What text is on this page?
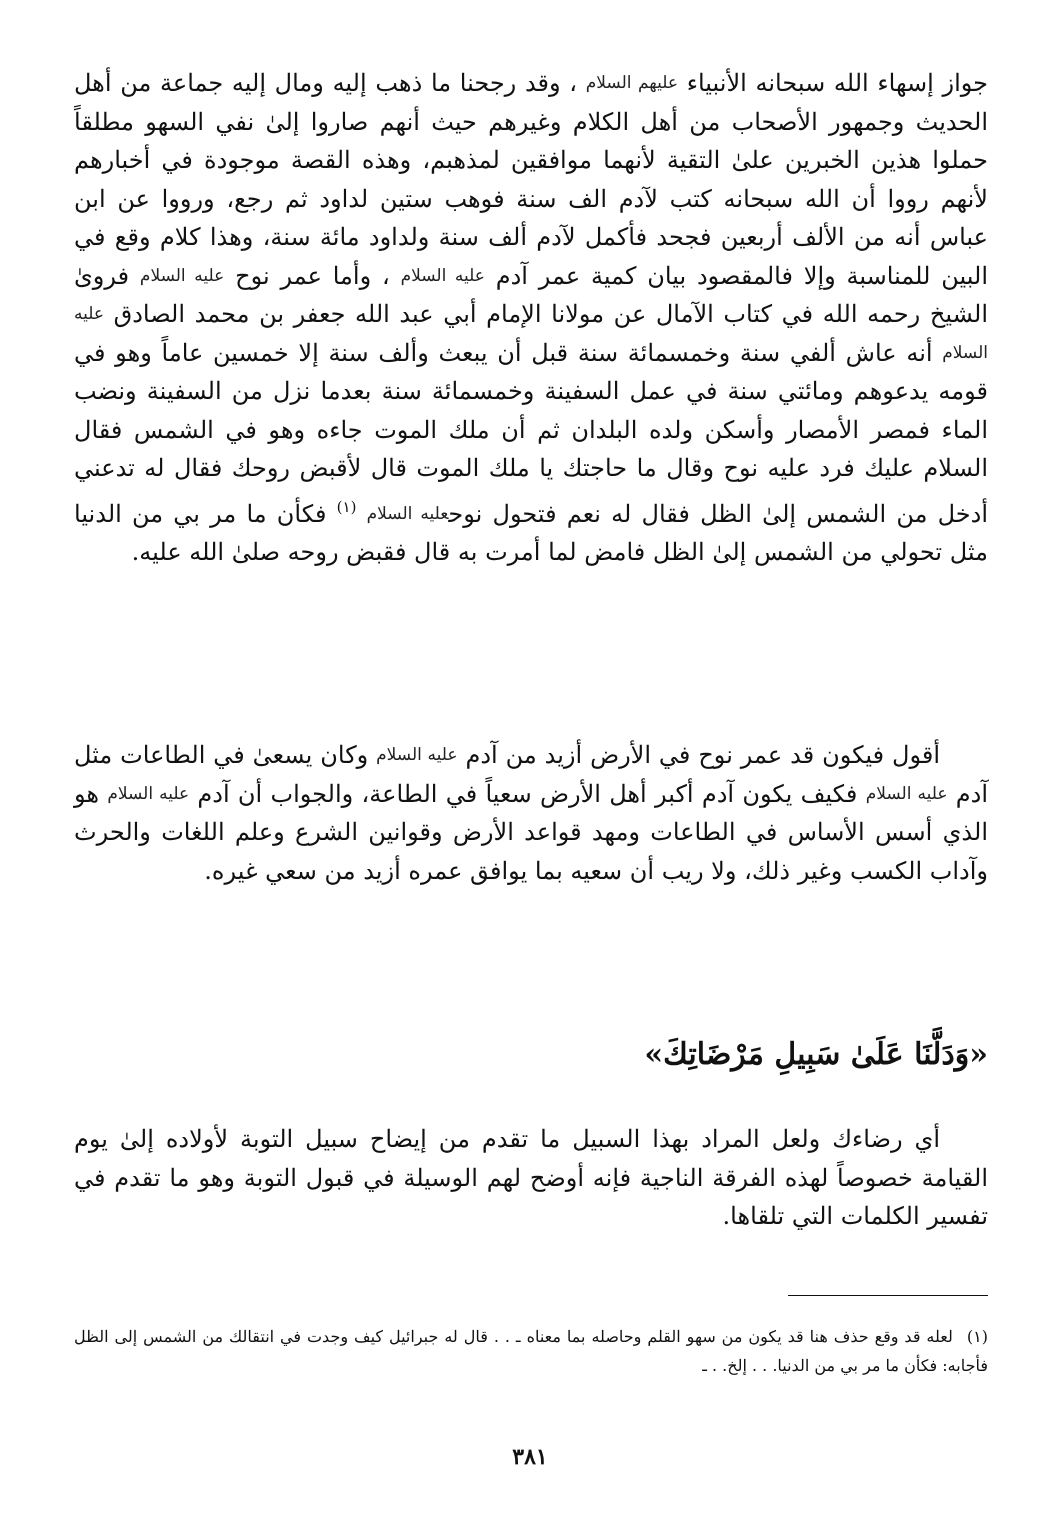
جواز إسهاء الله سبحانه الأنبياء عليهم السلام ، وقد رجحنا ما ذهب إليه ومال إليه جماعة من أهل الحديث وجمهور الأصحاب من أهل الكلام وغيرهم حيث أنهم صاروا إلىٰ نفي السهو مطلقاً حملوا هذين الخبرين علىٰ التقية لأنهما موافقين لمذهبم، وهذه القصة موجودة في أخبارهم لأنهم رووا أن الله سبحانه كتب لآدم الف سنة فوهب ستين لداود ثم رجع، ورووا عن ابن عباس أنه من الألف أربعين فجحد فأكمل لآدم ألف سنة ولداود مائة سنة، وهذا كلام وقع في البين للمناسبة وإلا فالمقصود بيان كمية عمر آدم عليه السلام ، وأما عمر نوح عليه السلام فروىٰ الشيخ رحمه الله في كتاب الآمال عن مولانا الإمام أبي عبد الله جعفر بن محمد الصادق عليه السلام أنه عاش ألفي سنة وخمسمائة سنة قبل أن يبعث وألف سنة إلا خمسين عاماً وهو في قومه يدعوهم ومائتي سنة في عمل السفينة وخمسمائة سنة بعدما نزل من السفينة ونضب الماء فمصر الأمصار وأسكن ولده البلدان ثم أن ملك الموت جاءه وهو في الشمس فقال السلام عليك فرد عليه نوح وقال ما حاجتك يا ملك الموت قال لأقبض روحك فقال له تدعني أدخل من الشمس إلىٰ الظل فقال له نعم فتحول نوحعليه السلام $^{(١)}$ فكأن ما مر بي من الدنيا مثل تحولي من الشمس إلىٰ الظل فامض لما أمرت به قال فقبض روحه صلىٰ الله عليه.

أقول فيكون قد عمر نوح في الأرض أزيد من آدم عليه السلام وكان يسعىٰ في الطاعات مثل آدم عليه السلام فكيف يكون آدم أكبر أهل الأرض سعياً في الطاعة، والجواب أن آدم عليه السلام هو الذي أسس الأساس في الطاعات ومهد قواعد الأرض وقوانين الشرع وعلم اللغات والحرث وآداب الكسب وغير ذلك، ولا ريب أن سعيه بما يوافق عمره أزيد من سعي غيره.

«وَدَلَّنَا عَلَىٰ سَبِيلِ مَرْضَاتِكَ»

أي رضاءك ولعل المراد بهذا السبيل ما تقدم من إيضاح سبيل التوبة لأولاده إلىٰ يوم القيامة خصوصاً لهذه الفرقة الناجية فإنه أوضح لهم الوسيلة في قبول التوبة وهو ما تقدم في تفسير الكلمات التي تلقاها.

(١)لعله قد وقع حذف هنا قد يكون من سهو القلم وحاصله بما معناه ـ . . قال له جبرائيل كيف وجدت في انتقالك من الشمس إلى الظل فأجابه: فكأن ما مر بي من الدنيا. . . إلخ. . ـ

٣٨١
